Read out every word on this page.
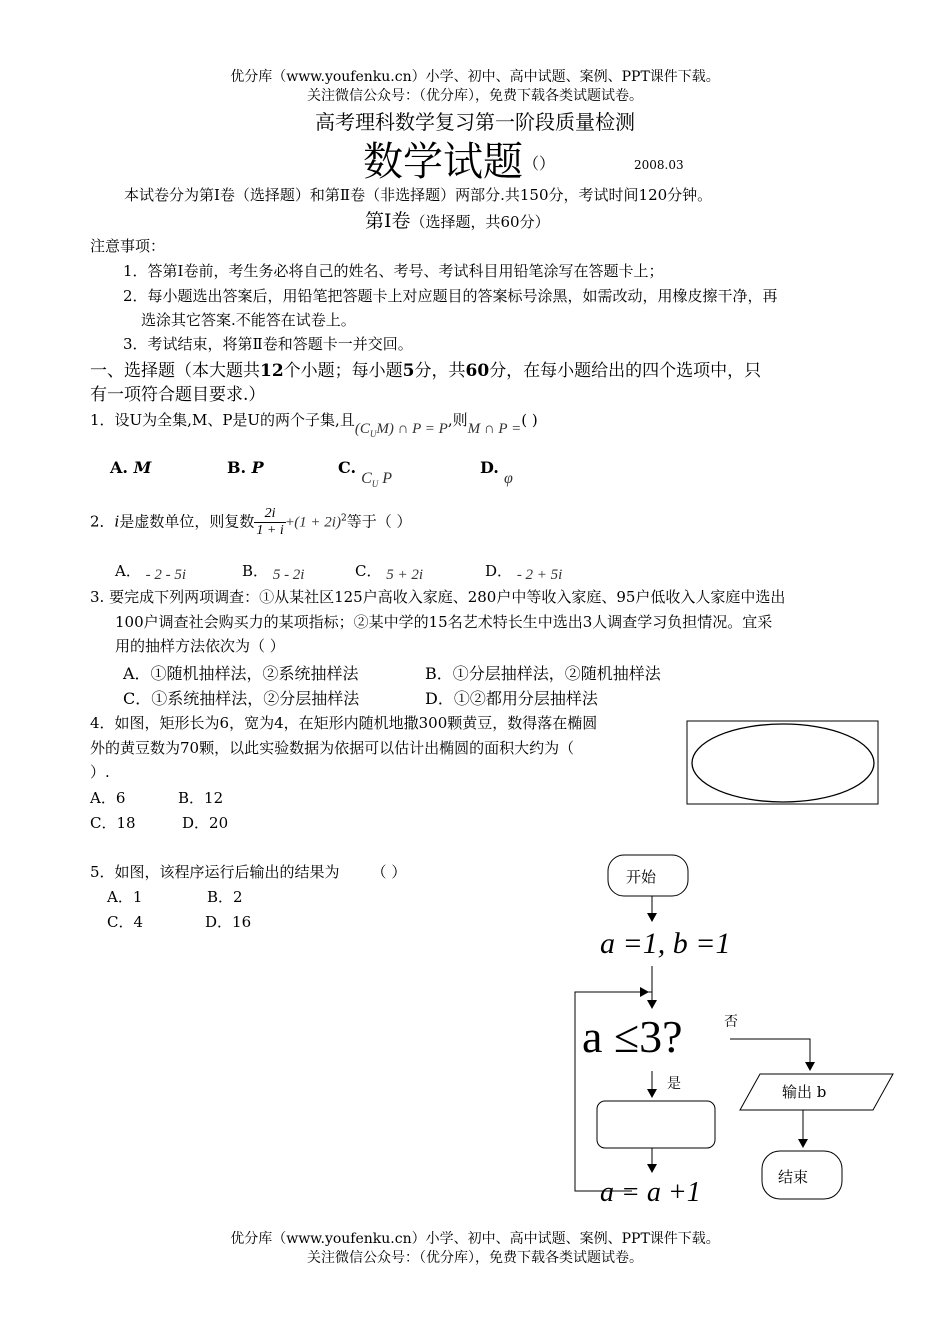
优分库（www.youfenku.cn）小学、初中、高中试题、案例、PPT课件下载。
关注微信公众号：（优分库），免费下载各类试题试卷。
高考理科数学复习第一阶段质量检测
数学试题（）	2008.03
本试卷分为第Ⅰ卷（选择题）和第Ⅱ卷（非选择题）两部分.共150分，考试时间120分钟。
第Ⅰ卷（选择题，共60分）
注意事项：
1．答第Ⅰ卷前，考生务必将自己的姓名、考号、考试科目用铅笔涂写在答题卡上；
2．每小题选出答案后，用铅笔把答题卡上对应题目的答案标号涂黑，如需改动，用橡皮擦干净，再
选涂其它答案.不能答在试卷上。
3．考试结束，将第Ⅱ卷和答题卡一并交回。
一、选择题（本大题共12个小题；每小题5分，共60分，在每小题给出的四个选项中，只
有一项符合题目要求.）
1．设U为全集,M、P是U的两个子集,且$(C_UM)$ ∩ P = P,则M ∩ P =( )
A. M	B. P	C. $C_U$ P
D. φ
2．i是虚数单位，则复数 $\frac{2i}{1 + i} +(1 + 2i)^2$等于（ ）
A． - 2 - 5i	B． 5 - 2i	C． 5 + 2i	D． - 2 + 5i
3. 要完成下列两项调查：①从某社区125户高收入家庭、280户中等收入家庭、95户低收入人家庭中选出
100户调查社会购买力的某项指标；②某中学的15名艺术特长生中选出3人调查学习负担情况。宜采
用的抽样方法依次为（ ）
A．①随机抽样法，②系统抽样法	B．①分层抽样法，②随机抽样法
C．①系统抽样法，②分层抽样法	D．①②都用分层抽样法
4．如图，矩形长为6，宽为4，在矩形内随机地撒300颗黄豆，数得落在椭圆
外的黄豆数为70颗，以此实验数据为依据可以估计出椭圆的面积大约为（
）.
A．6	B．12
C．18	D．20
5．如图，该程序运行后输出的结果为 （ ）
A．1	B．2
C．4	D．16
开始
a =1, b =1
a ≤3?	否
是	输出 b
结束
a = a +1
优分库（www.youfenku.cn）小学、初中、高中试题、案例、PPT课件下载。
关注微信公众号：（优分库），免费下载各类试题试卷。
